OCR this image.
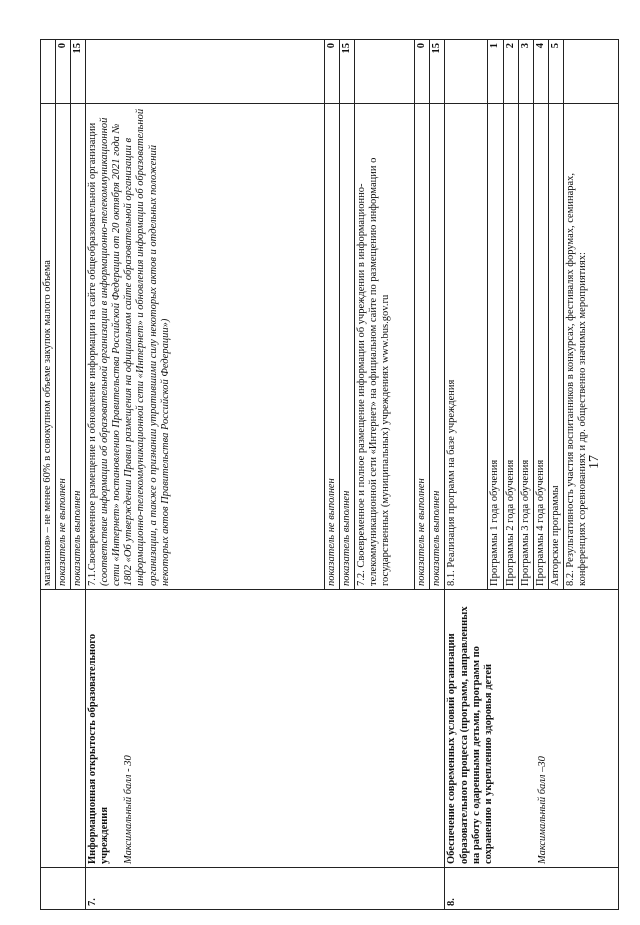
17
		магазинов» – не менее 60% в совокупном объеме закупок малого объема	
		показатель не выполнен	0
		показатель выполнен	15
7.	Информационная открытость образовательного учреждения Максимальный балл - 30	7.1.Своевременное размещение и обновление информации на сайте общеобразовательной организации (соответствие информации об образовательной организации в информационно-телекоммуникационной сети «Интернет» постановлению Правительства Российской Федерации от 20 октября 2021 года № 1802 «Об утверждении Правил размещения на официальном сайте образовательной организации в информационно-телекоммуникационной сети «Интернет» и обновления информации об образовательной организации, а также о признании утратившими силу некоторых актов и отдельных положений некоторых актов Правительства Российской Федерации»)	
		показатель не выполнен	0
		показатель выполнен	15
		7.2. Своевременное и полное размещение информации об учреждении в информационно-телекоммуникационной сети «Интернет» на официальном сайте по размещению информации о государственных (муниципальных) учреждениях www.bus.gov.ru	
		показатель не выполнен	0
		показатель выполнен	15
8.	Обеспечение современных условий организации образовательного процесса (программ, направленных на работу с одаренными детьми, программ по сохранению и укреплению здоровья детей Максимальный балл –30	8.1. Реализация программ на базе учреждения	
		Программы 1 года обучения	1
		Программы 2 года обучения	2
		Программы 3 года обучения	3
		Программы 4 года обучения	4
		Авторские программы	5
		8.2. Результативность участия воспитанников в конкурсах, фестивалях форумах, семинарах, конференциях соревнованиях и др. общественно значимых мероприятиях:	
